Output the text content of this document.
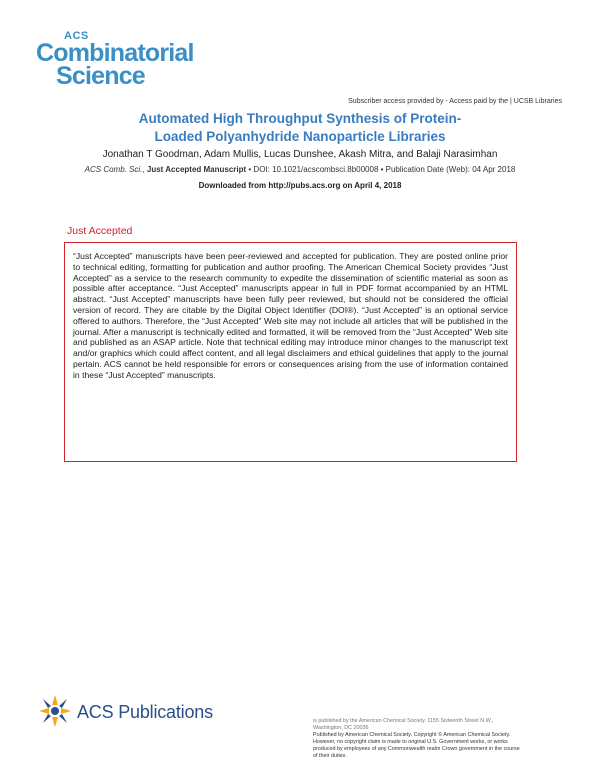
ACS
Combinatorial
Science
Subscriber access provided by - Access paid by the | UCSB Libraries
Automated High Throughput Synthesis of Protein-
Loaded Polyanhydride Nanoparticle Libraries
Jonathan T Goodman, Adam Mullis, Lucas Dunshee, Akash Mitra, and Balaji Narasimhan
ACS Comb. Sci., Just Accepted Manuscript • DOI: 10.1021/acscombsci.8b00008 • Publication Date (Web): 04 Apr 2018
Downloaded from http://pubs.acs.org on April 4, 2018
Just Accepted

“Just Accepted” manuscripts have been peer-reviewed and accepted for publication. They are posted online prior to technical editing, formatting for publication and author proofing. The American Chemical Society provides “Just Accepted” as a service to the research community to expedite the dissemination of scientific material as soon as possible after acceptance. “Just Accepted” manuscripts appear in full in PDF format accompanied by an HTML abstract. “Just Accepted” manuscripts have been fully peer reviewed, but should not be considered the official version of record. They are citable by the Digital Object Identifier (DOI®). “Just Accepted” is an optional service offered to authors. Therefore, the “Just Accepted” Web site may not include all articles that will be published in the journal. After a manuscript is technically edited and formatted, it will be removed from the “Just Accepted” Web site and published as an ASAP article. Note that technical editing may introduce minor changes to the manuscript text and/or graphics which could affect content, and all legal disclaimers and ethical guidelines that apply to the journal pertain. ACS cannot be held responsible for errors or consequences arising from the use of information contained in these “Just Accepted” manuscripts.

ACS Publications	is published by the American Chemical Society. 1155 Sixteenth Street N.W.,
Washington, DC 20036
Published by American Chemical Society. Copyright © American Chemical Society.
However, no copyright claim is made to original U.S. Government works, or works
produced by employees of any Commonwealth realm Crown government in the course
of their duties.
